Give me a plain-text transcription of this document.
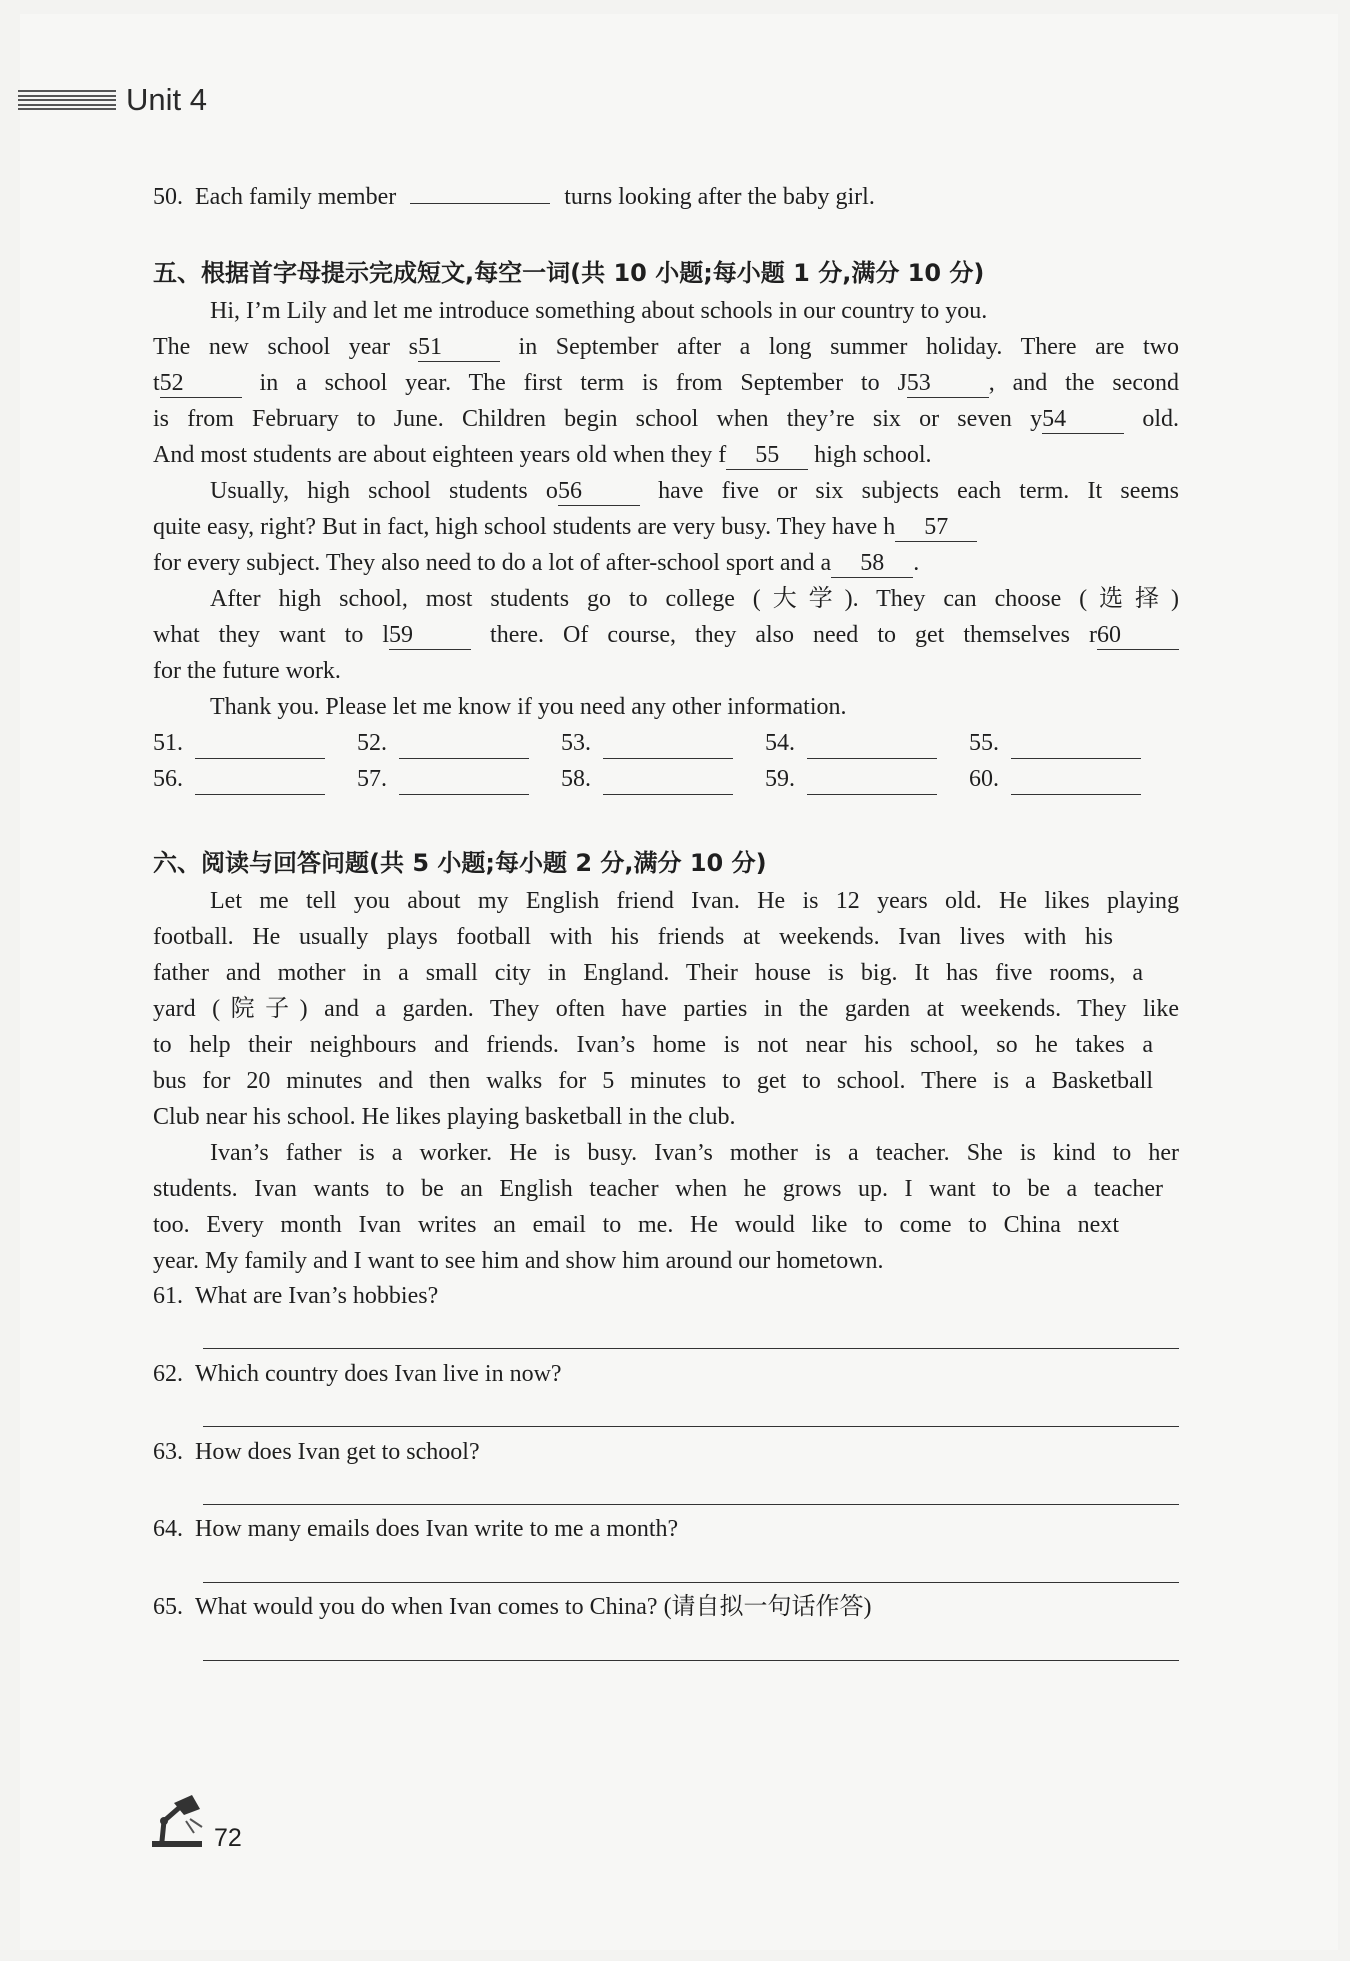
Unit 4
50. Each family member	turns looking after the baby girl.
五、根据首字母提示完成短文,每空一词(共 10 小题;每小题 1 分,满分 10 分)
Hi, I’m Lily and let me introduce something about schools in our country to you.
The new school year s51	in September after a long summer holiday. There are two
t52	in a school year. The first term is from September to J53 , and the second
is from February to June. Children begin school when they’re six or seven y54	old.
And most students are about eighteen years old when they f 55 high school.
Usually, high school students o56	have five or six subjects each term. It seems
quite easy, right? But in fact, high school students are very busy. They have h 57
for every subject. They also need to do a lot of after-school sport and a 58 .
After high school, most students go to college (大学). They can choose (选择)
what they want to l59	there. Of course, they also need to get themselves r60
for the future work.
Thank you. Please let me know if you need any other information.
51.	52.	53.	54.	55.
56.	57.	58.	59.	60.
六、阅读与回答问题(共 5 小题;每小题 2 分,满分 10 分)
Let me tell you about my English friend Ivan. He is 12 years old. He likes playing
football. He usually plays football with his friends at weekends. Ivan lives with his
father and mother in a small city in England. Their house is big. It has five rooms, a
yard (院子) and a garden. They often have parties in the garden at weekends. They like
to help their neighbours and friends. Ivan’s home is not near his school, so he takes a
bus for 20 minutes and then walks for 5 minutes to get to school. There is a Basketball
Club near his school. He likes playing basketball in the club.
Ivan’s father is a worker. He is busy. Ivan’s mother is a teacher. She is kind to her
students. Ivan wants to be an English teacher when he grows up. I want to be a teacher
too. Every month Ivan writes an email to me. He would like to come to China next
year. My family and I want to see him and show him around our hometown.
61. What are Ivan’s hobbies?
62. Which country does Ivan live in now?
63. How does Ivan get to school?
64. How many emails does Ivan write to me a month?
65. What would you do when Ivan comes to China? (请自拟一句话作答)
72
